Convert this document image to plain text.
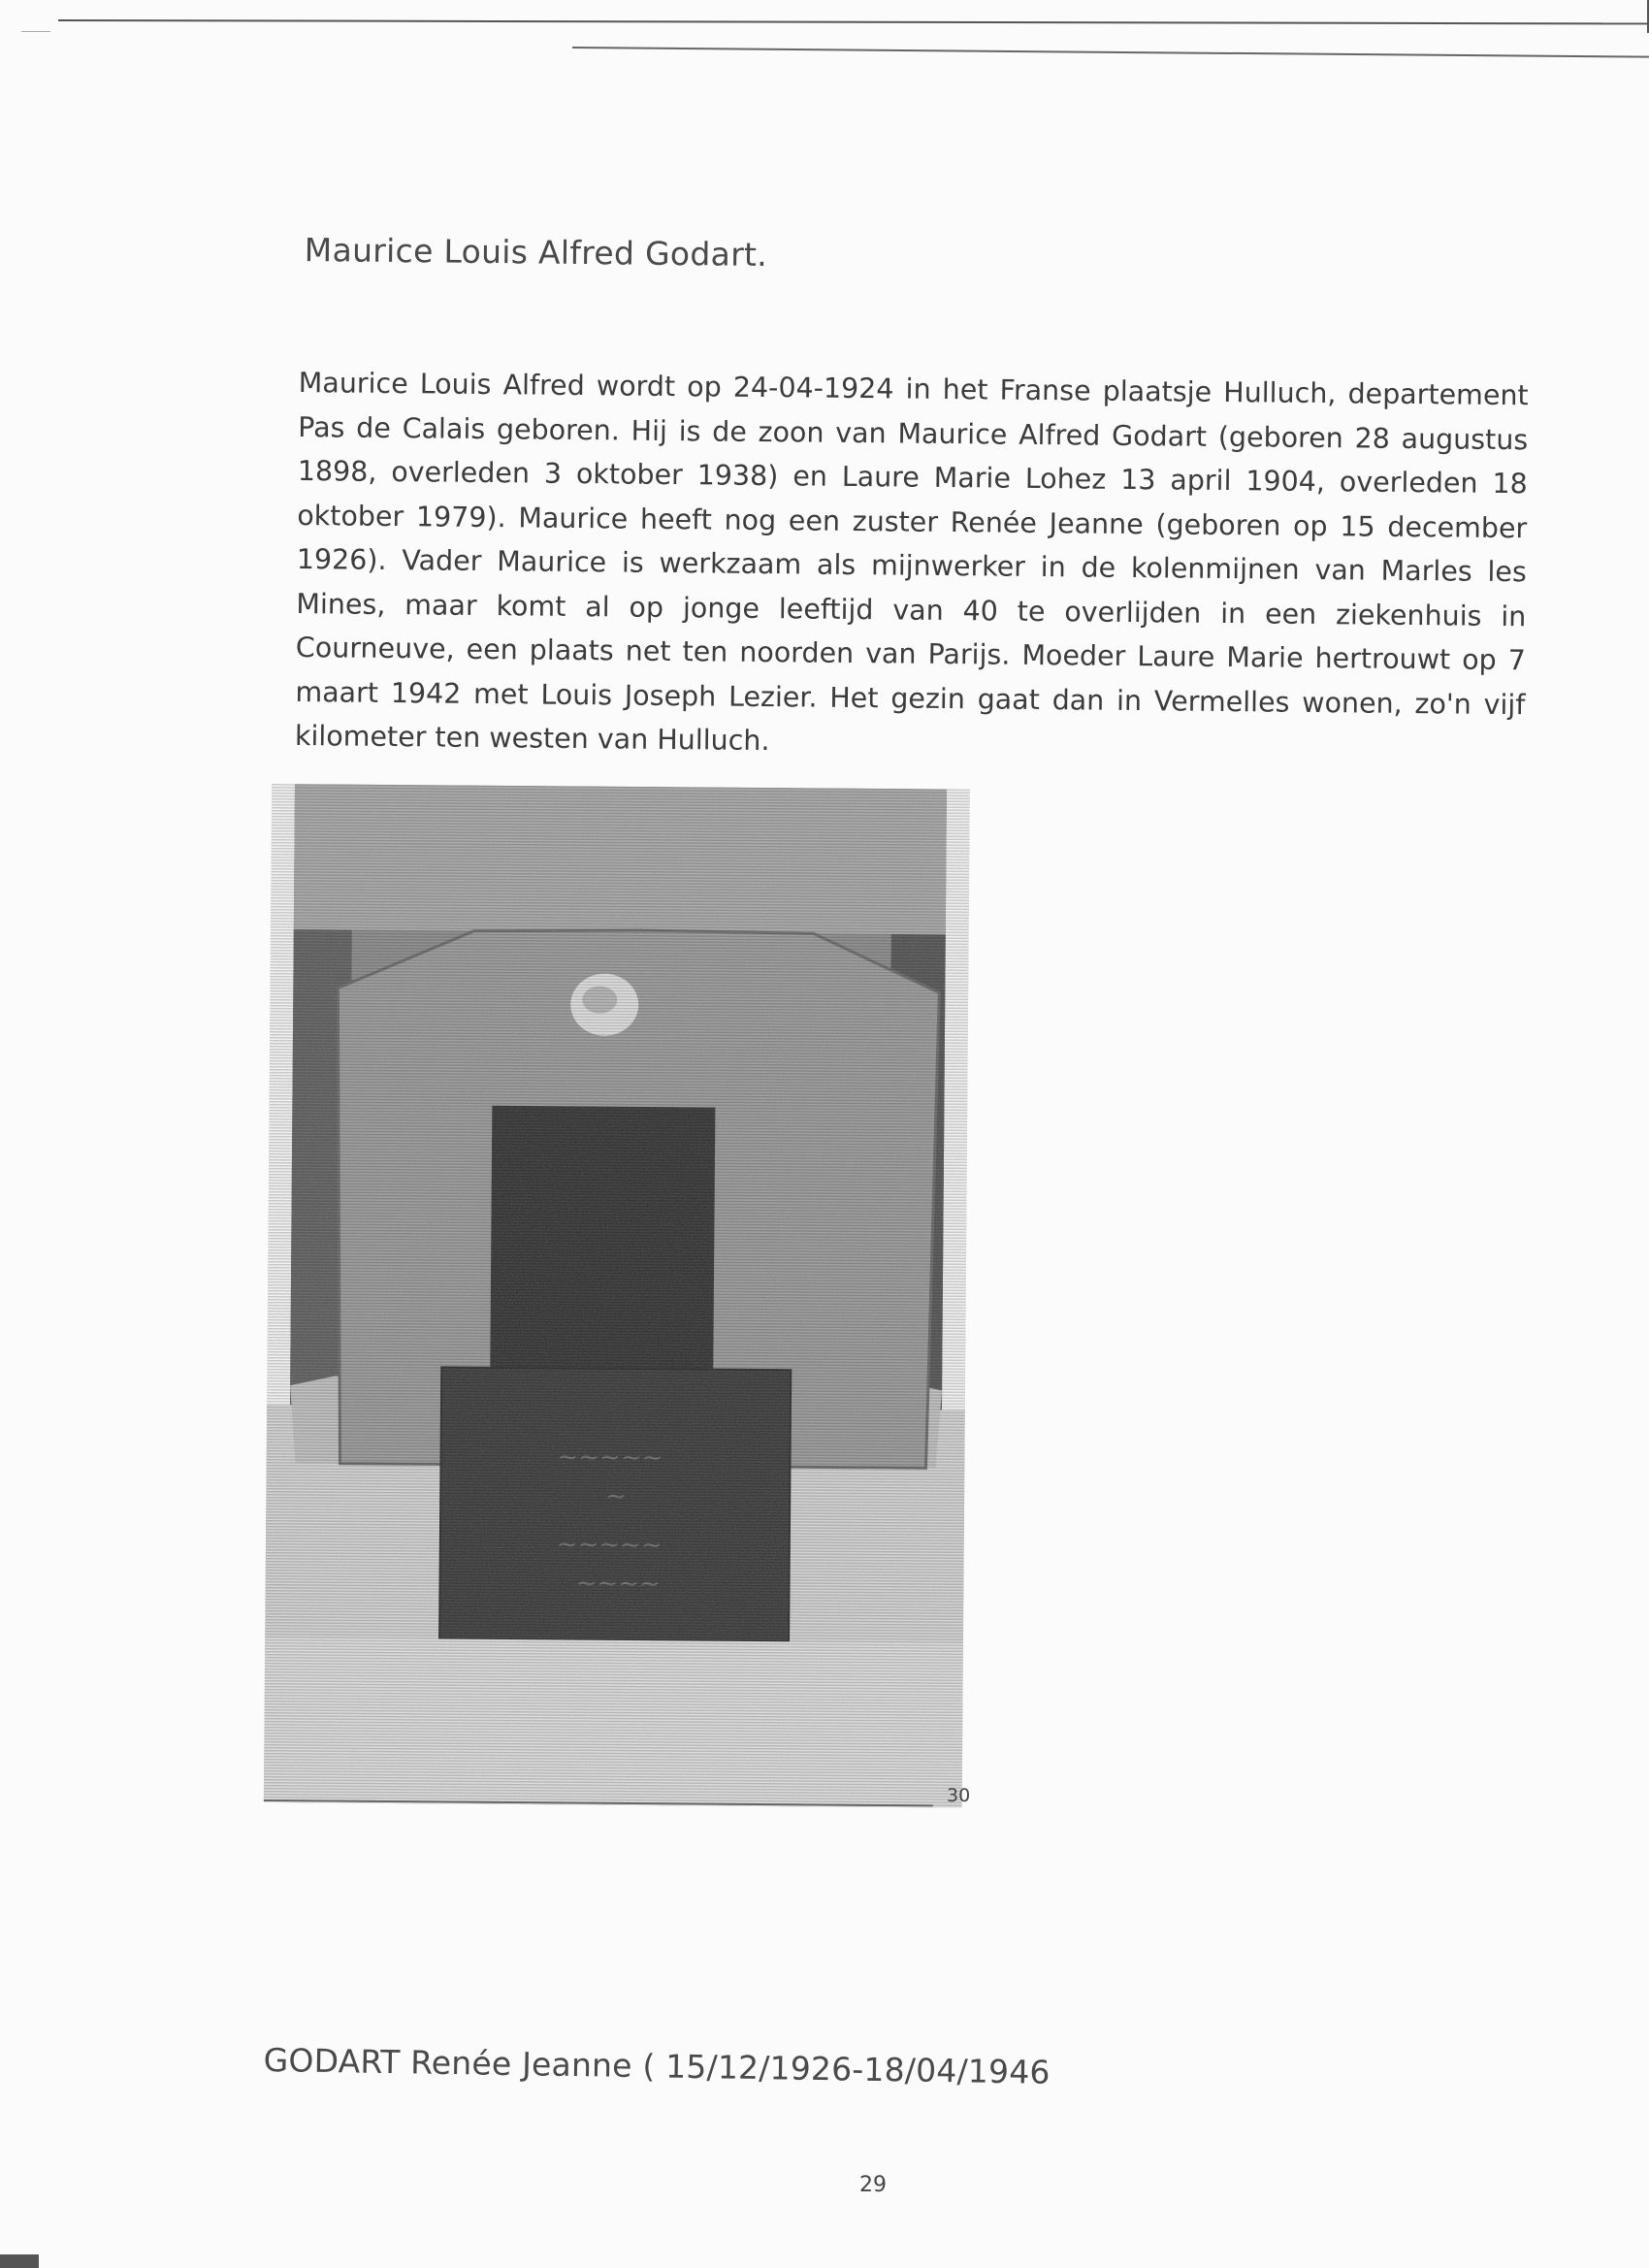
Maurice Louis Alfred Godart.

Maurice Louis Alfred wordt op 24-04-1924 in het Franse plaatsje Hulluch, departement Pas de Calais geboren. Hij is de zoon van Maurice Alfred Godart (geboren 28 augustus 1898, overleden 3 oktober 1938) en Laure Marie Lohez 13 april 1904, overleden 18 oktober 1979). Maurice heeft nog een zuster Renée Jeanne (geboren op 15 december 1926). Vader Maurice is werkzaam als mijnwerker in de kolenmijnen van Marles les Mines, maar komt al op jonge leeftijd van 40 te overlijden in een ziekenhuis in Courneuve, een plaats net ten noorden van Parijs. Moeder Laure Marie hertrouwt op 7 maart 1942 met Louis Joseph Lezier. Het gezin gaat dan in Vermelles wonen, zo'n vijf kilometer ten westen van Hulluch.

30
GODART Renée Jeanne ( 15/12/1926-18/04/1946
29
